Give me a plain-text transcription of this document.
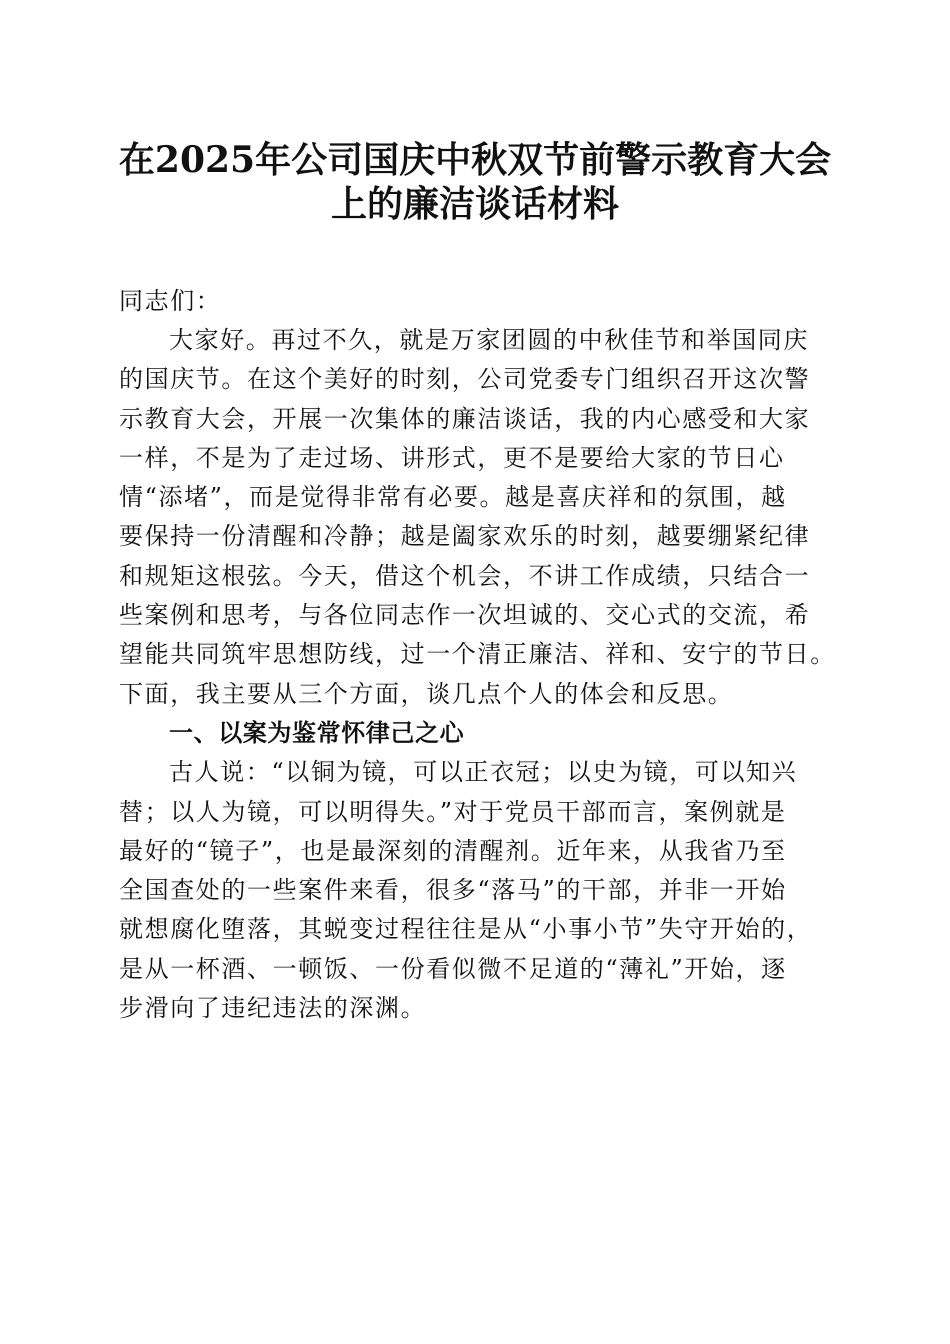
在2025年公司国庆中秋双节前警示教育大会
上的廉洁谈话材料
同志们：
大家好。再过不久，就是万家团圆的中秋佳节和举国同庆
的国庆节。在这个美好的时刻，公司党委专门组织召开这次警
示教育大会，开展一次集体的廉洁谈话，我的内心感受和大家
一样，不是为了走过场、讲形式，更不是要给大家的节日心
情“添堵”，而是觉得非常有必要。越是喜庆祥和的氛围，越
要保持一份清醒和冷静；越是阖家欢乐的时刻，越要绷紧纪律
和规矩这根弦。今天，借这个机会，不讲工作成绩，只结合一
些案例和思考，与各位同志作一次坦诚的、交心式的交流，希
望能共同筑牢思想防线，过一个清正廉洁、祥和、安宁的节日。
下面，我主要从三个方面，谈几点个人的体会和反思。
一、以案为鉴常怀律己之心
古人说：“以铜为镜，可以正衣冠；以史为镜，可以知兴
替；以人为镜，可以明得失。”对于党员干部而言，案例就是
最好的“镜子”，也是最深刻的清醒剂。近年来，从我省乃至
全国查处的一些案件来看，很多“落马”的干部，并非一开始
就想腐化堕落，其蜕变过程往往是从“小事小节”失守开始的，
是从一杯酒、一顿饭、一份看似微不足道的“薄礼”开始，逐
步滑向了违纪违法的深渊。
